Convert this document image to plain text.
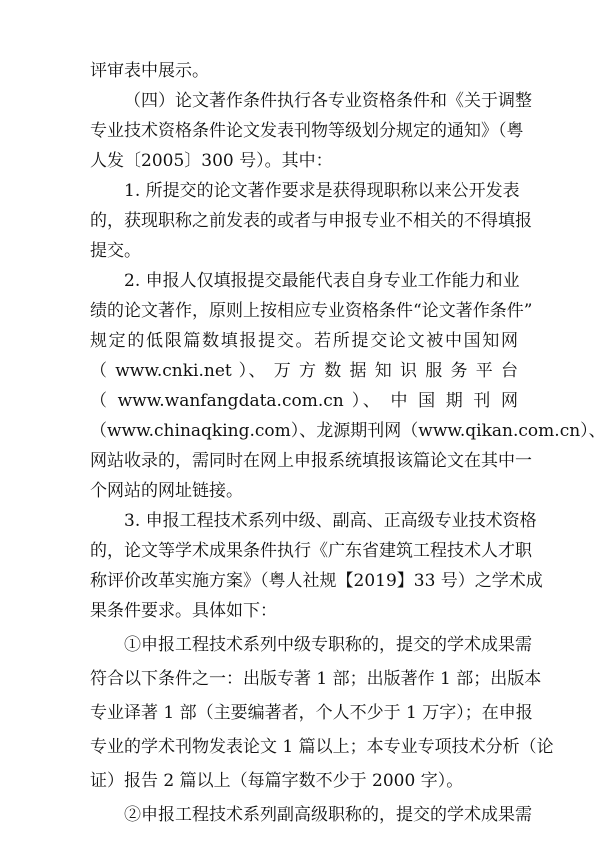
评审表中展示。
（四）论文著作条件执行各专业资格条件和《关于调整
专业技术资格条件论文发表刊物等级划分规定的通知》（粤
人发〔2005〕300 号）。其中：
1. 所提交的论文著作要求是获得现职称以来公开发表
的，获现职称之前发表的或者与申报专业不相关的不得填报
提交。
2. 申报人仅填报提交最能代表自身专业工作能力和业
绩的论文著作，原则上按相应专业资格条件“论文著作条件”
规定的低限篇数填报提交。若所提交论文被中国知网
（ www.cnki.net ）、 万 方 数 据 知 识 服 务 平 台
（ www.wanfangdata.com.cn ）、 中 国 期 刊 网
（www.chinaqking.com）、龙源期刊网（www.qikan.com.cn）、
网站收录的，需同时在网上申报系统填报该篇论文在其中一
个网站的网址链接。
3. 申报工程技术系列中级、副高、正高级专业技术资格
的，论文等学术成果条件执行《广东省建筑工程技术人才职
称评价改革实施方案》（粤人社规【2019】33 号）之学术成
果条件要求。具体如下：
①申报工程技术系列中级专职称的，提交的学术成果需
符合以下条件之一：出版专著 1 部；出版著作 1 部；出版本
专业译著 1 部（主要编著者，个人不少于 1 万字）；在申报
专业的学术刊物发表论文 1 篇以上；本专业专项技术分析（论
证）报告 2 篇以上（每篇字数不少于 2000 字）。
②申报工程技术系列副高级职称的，提交的学术成果需
